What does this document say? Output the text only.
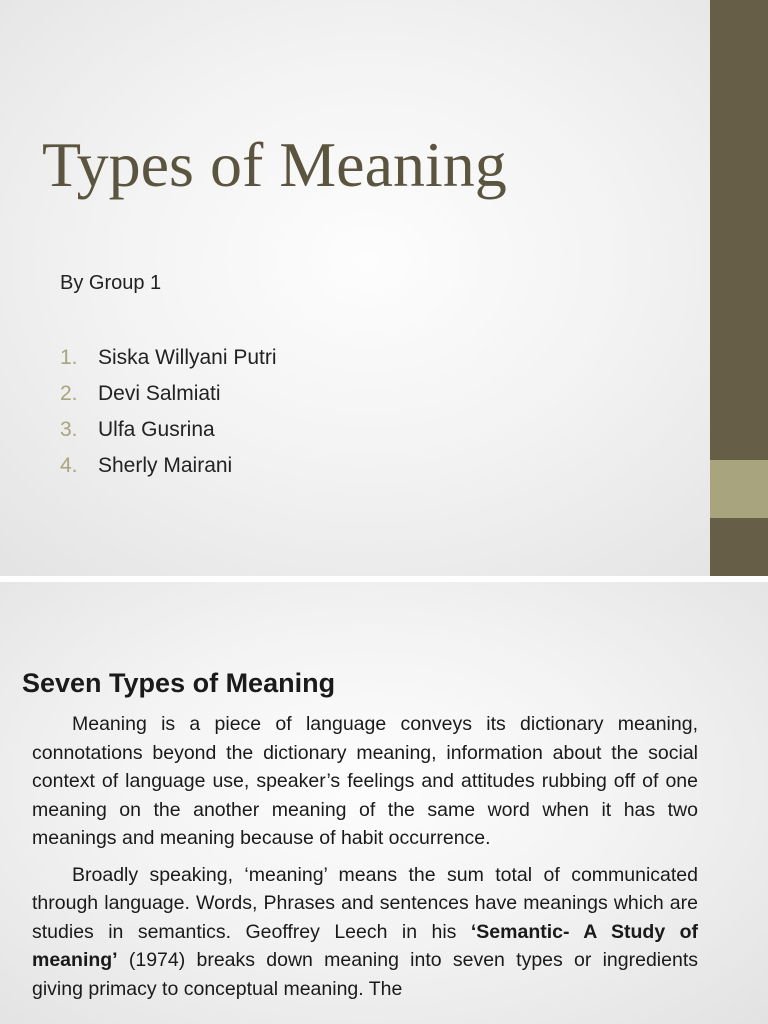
Types of Meaning
By Group 1
1. Siska Willyani Putri
2. Devi Salmiati
3. Ulfa Gusrina
4. Sherly Mairani
Seven Types of Meaning

Meaning is a piece of language conveys its dictionary meaning, connotations beyond the dictionary meaning, information about the social context of language use, speaker’s feelings and attitudes rubbing off of one meaning on the another meaning of the same word when it has two meanings and meaning because of habit occurrence.

Broadly speaking, ‘meaning’ means the sum total of communicated through language. Words, Phrases and sentences have meanings which are studies in semantics. Geoffrey Leech in his ‘Semantic- A Study of meaning’ (1974) breaks down meaning into seven types or ingredients giving primacy to conceptual meaning. The
